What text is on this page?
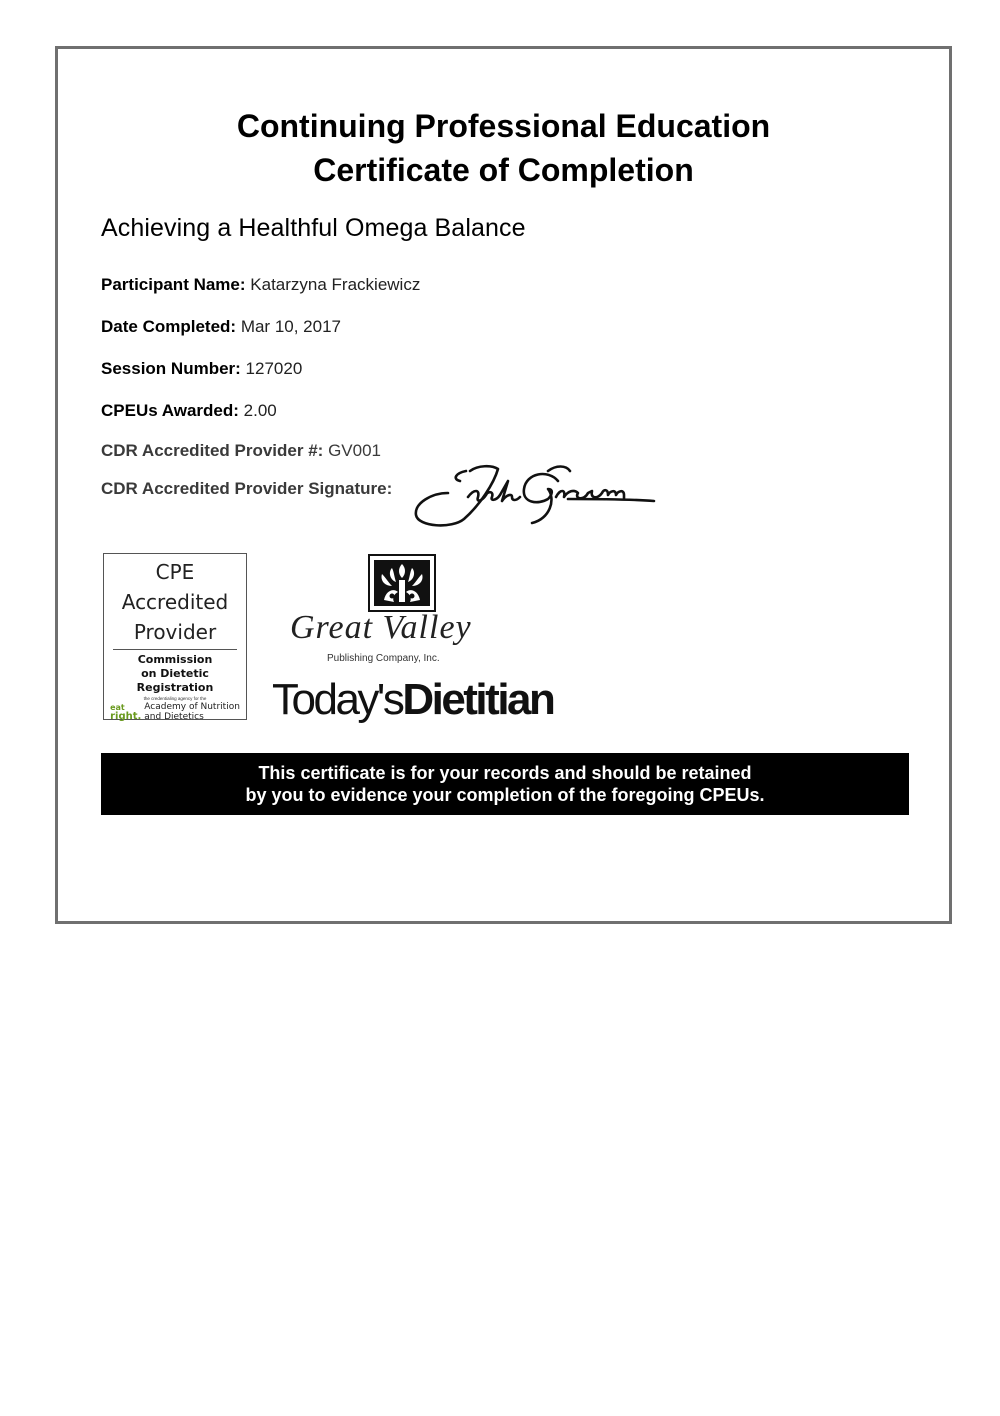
Continuing Professional Education
Certificate of Completion
Achieving a Healthful Omega Balance
Participant Name: Katarzyna Frackiewicz
Date Completed: Mar 10, 2017
Session Number: 127020
CPEUs Awarded: 2.00
CDR Accredited Provider #: GV001
CDR Accredited Provider Signature:
CPE
Accredited
Provider
Commission
on Dietetic
Registration
the credentialing agency for the
eat
right.
Academy of Nutrition
and Dietetics
Great Valley
Publishing Company, Inc.
Today'sDietitian
This certificate is for your records and should be retained
by you to evidence your completion of the foregoing CPEUs.
